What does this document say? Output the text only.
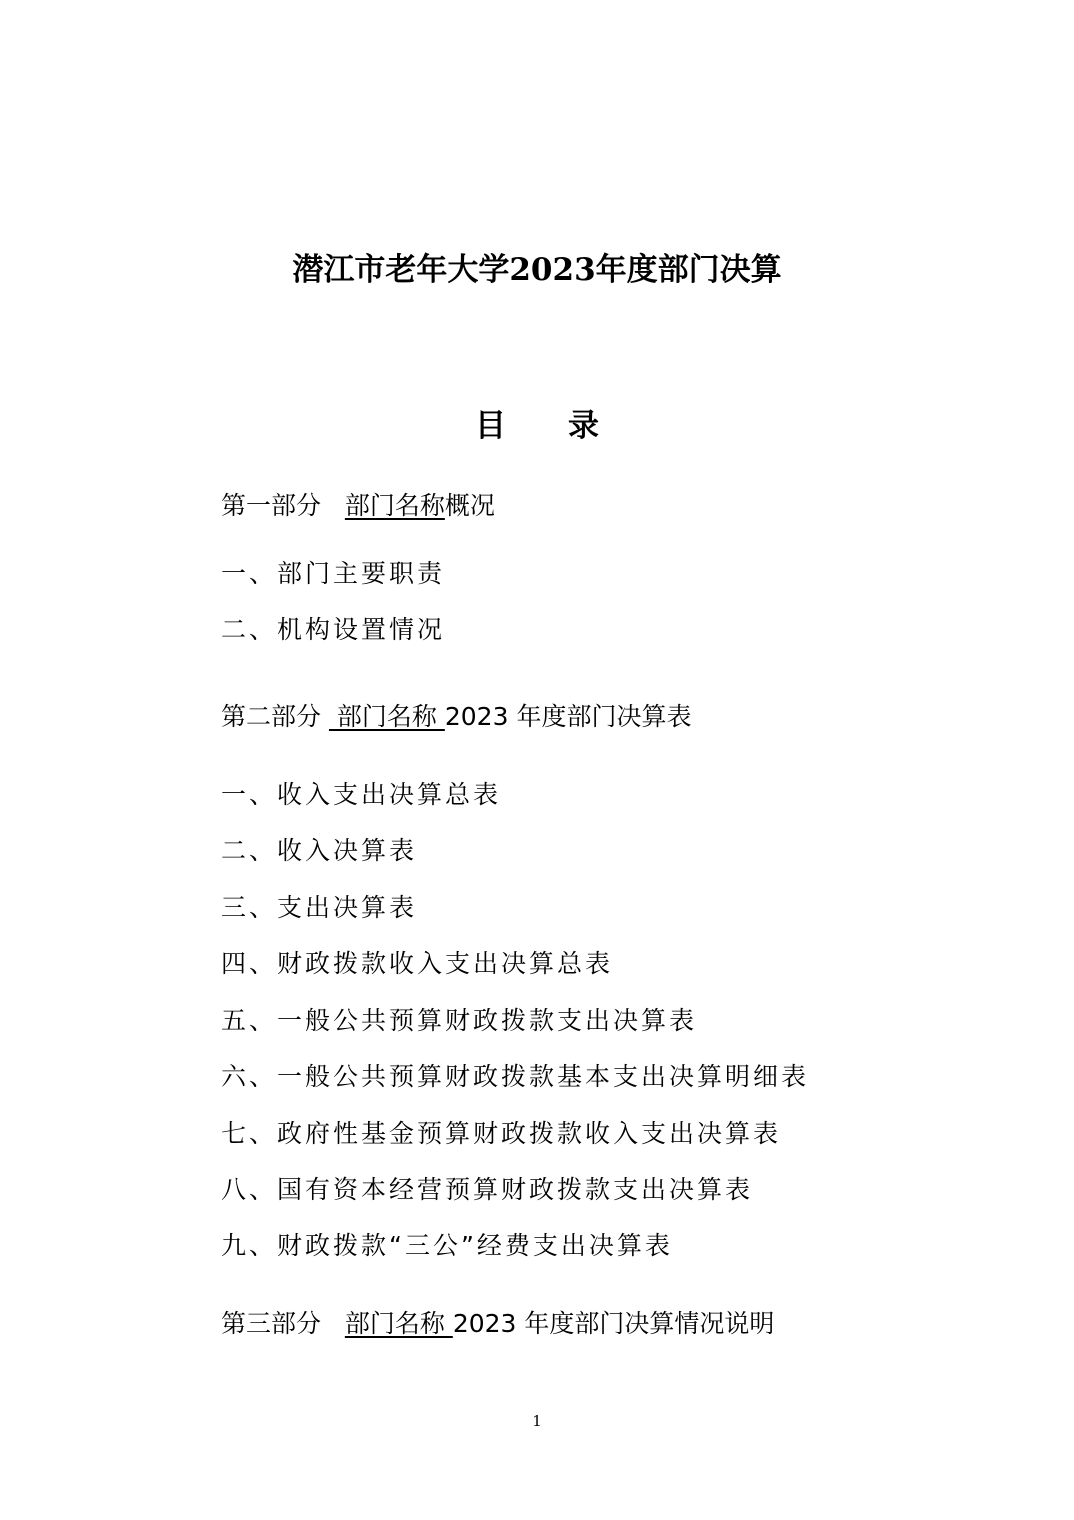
潜江市老年大学2023年度部门决算
目　　录
第一部分 部门名称概况
一、部门主要职责
二、机构设置情况
第二部分  部门名称 2023 年度部门决算表
一、收入支出决算总表
二、收入决算表
三、支出决算表
四、财政拨款收入支出决算总表
五、一般公共预算财政拨款支出决算表
六、一般公共预算财政拨款基本支出决算明细表
七、政府性基金预算财政拨款收入支出决算表
八、国有资本经营预算财政拨款支出决算表
九、财政拨款“三公”经费支出决算表
第三部分 部门名称 2023 年度部门决算情况说明
1
